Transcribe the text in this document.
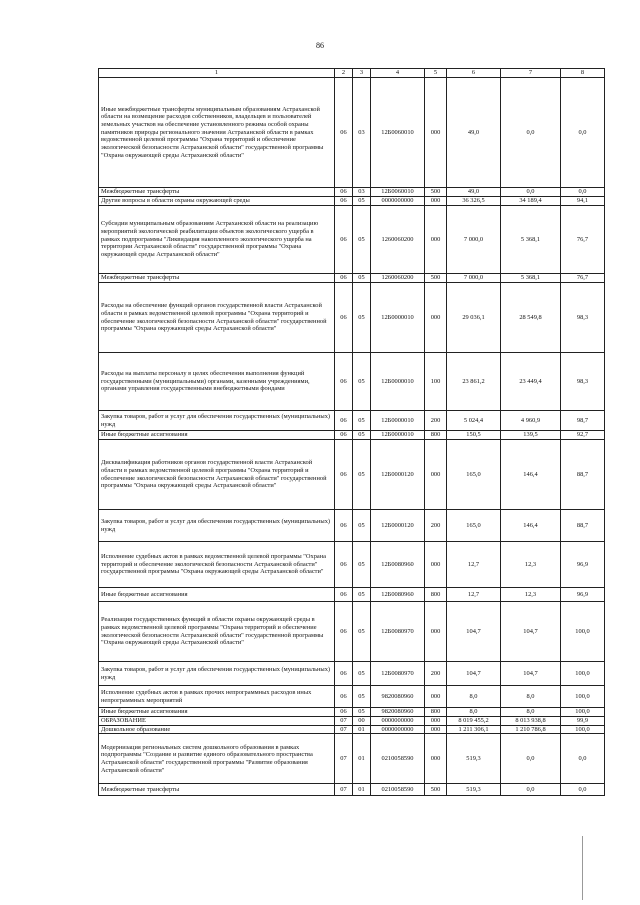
86
1	2	3	4	5	6	7	8
Иные межбюджетные трансферты муниципальным образованиям Астраханской области на возмещение расходов собственников, владельцев и пользователей земельных участков на обеспечение установленного режима особой охраны памятников природы регионального значения Астраханской области в рамках ведомственной целевой программы "Охрана территорий и обеспечение экологической безопасности Астраханской области" государственной программы "Охрана окружающей среды Астраханской области"	06	03	12Б0060010	000	49,0	0,0	0,0
Межбюджетные трансферты	06	03	12Б0060010	500	49,0	0,0	0,0
Другие вопросы в области охраны окружающей среды	06	05	0000000000	000	36 326,5	34 189,4	94,1
Субсидии муниципальным образованиям Астраханской области на реализацию мероприятий экологической реабилитации объектов экологического ущерба в рамках подпрограммы "Ликвидация накопленного экологического ущерба на территории Астраханской области" государственной программы "Охрана окружающей среды Астраханской области"	06	05	1260060200	000	7 000,0	5 368,1	76,7
Межбюджетные трансферты	06	05	1260060200	500	7 000,0	5 368,1	76,7
Расходы на обеспечение функций органов государственной власти Астраханской области в рамках ведомственной целевой программы "Охрана территорий и обеспечение экологической безопасности Астраханской области" государственной программы "Охрана окружающей среды Астраханской области"	06	05	12Б0000010	000	29 036,1	28 549,8	98,3
Расходы на выплаты персоналу в целях обеспечения выполнения функций государственными (муниципальными) органами, казенными учреждениями, органами управления государственными внебюджетными фондами	06	05	12Б0000010	100	23 861,2	23 449,4	98,3
Закупка товаров, работ и услуг для обеспечения государственных (муниципальных) нужд	06	05	12Б0000010	200	5 024,4	4 960,9	98,7
Иные бюджетные ассигнования	06	05	12Б0000010	800	150,5	139,5	92,7
Дисквалификация работников органов государственной власти Астраханской области в рамках ведомственной целевой программы "Охрана территорий и обеспечение экологической безопасности Астраханской области" государственной программы "Охрана окружающей среды Астраханской области"	06	05	12Б0000120	000	165,0	146,4	88,7
Закупка товаров, работ и услуг для обеспечения государственных (муниципальных) нужд	06	05	12Б0000120	200	165,0	146,4	88,7
Исполнение судебных актов в рамках ведомственной целевой программы "Охрана территорий и обеспечение экологической безопасности Астраханской области" государственной программы "Охрана окружающей среды Астраханской области"	06	05	12Б0080960	000	12,7	12,3	96,9
Иные бюджетные ассигнования	06	05	12Б0080960	800	12,7	12,3	96,9
Реализация государственных функций в области охраны окружающей среды в рамках ведомственной целевой программы "Охрана территорий и обеспечение экологической безопасности Астраханской области" государственной программы "Охрана окружающей среды Астраханской области"	06	05	12Б0080970	000	104,7	104,7	100,0
Закупка товаров, работ и услуг для обеспечения государственных (муниципальных) нужд	06	05	12Б0080970	200	104,7	104,7	100,0
Исполнение судебных актов в рамках прочих непрограммных расходов иных непрограммных мероприятий	06	05	9820080960	000	8,0	8,0	100,0
Иные бюджетные ассигнования	06	05	9820080960	800	8,0	8,0	100,0
ОБРАЗОВАНИЕ	07	00	0000000000	000	8 019 455,2	8 013 938,8	99,9
Дошкольное образование	07	01	0000000000	000	1 211 306,1	1 210 786,8	100,0
Модернизация региональных систем дошкольного образования в рамках подпрограммы "Создание и развитие единого образовательного пространства Астраханской области" государственной программы "Развитие образования Астраханской области"	07	01	0210058590	000	519,3	0,0	0,0
Межбюджетные трансферты	07	01	0210058590	500	519,3	0,0	0,0
